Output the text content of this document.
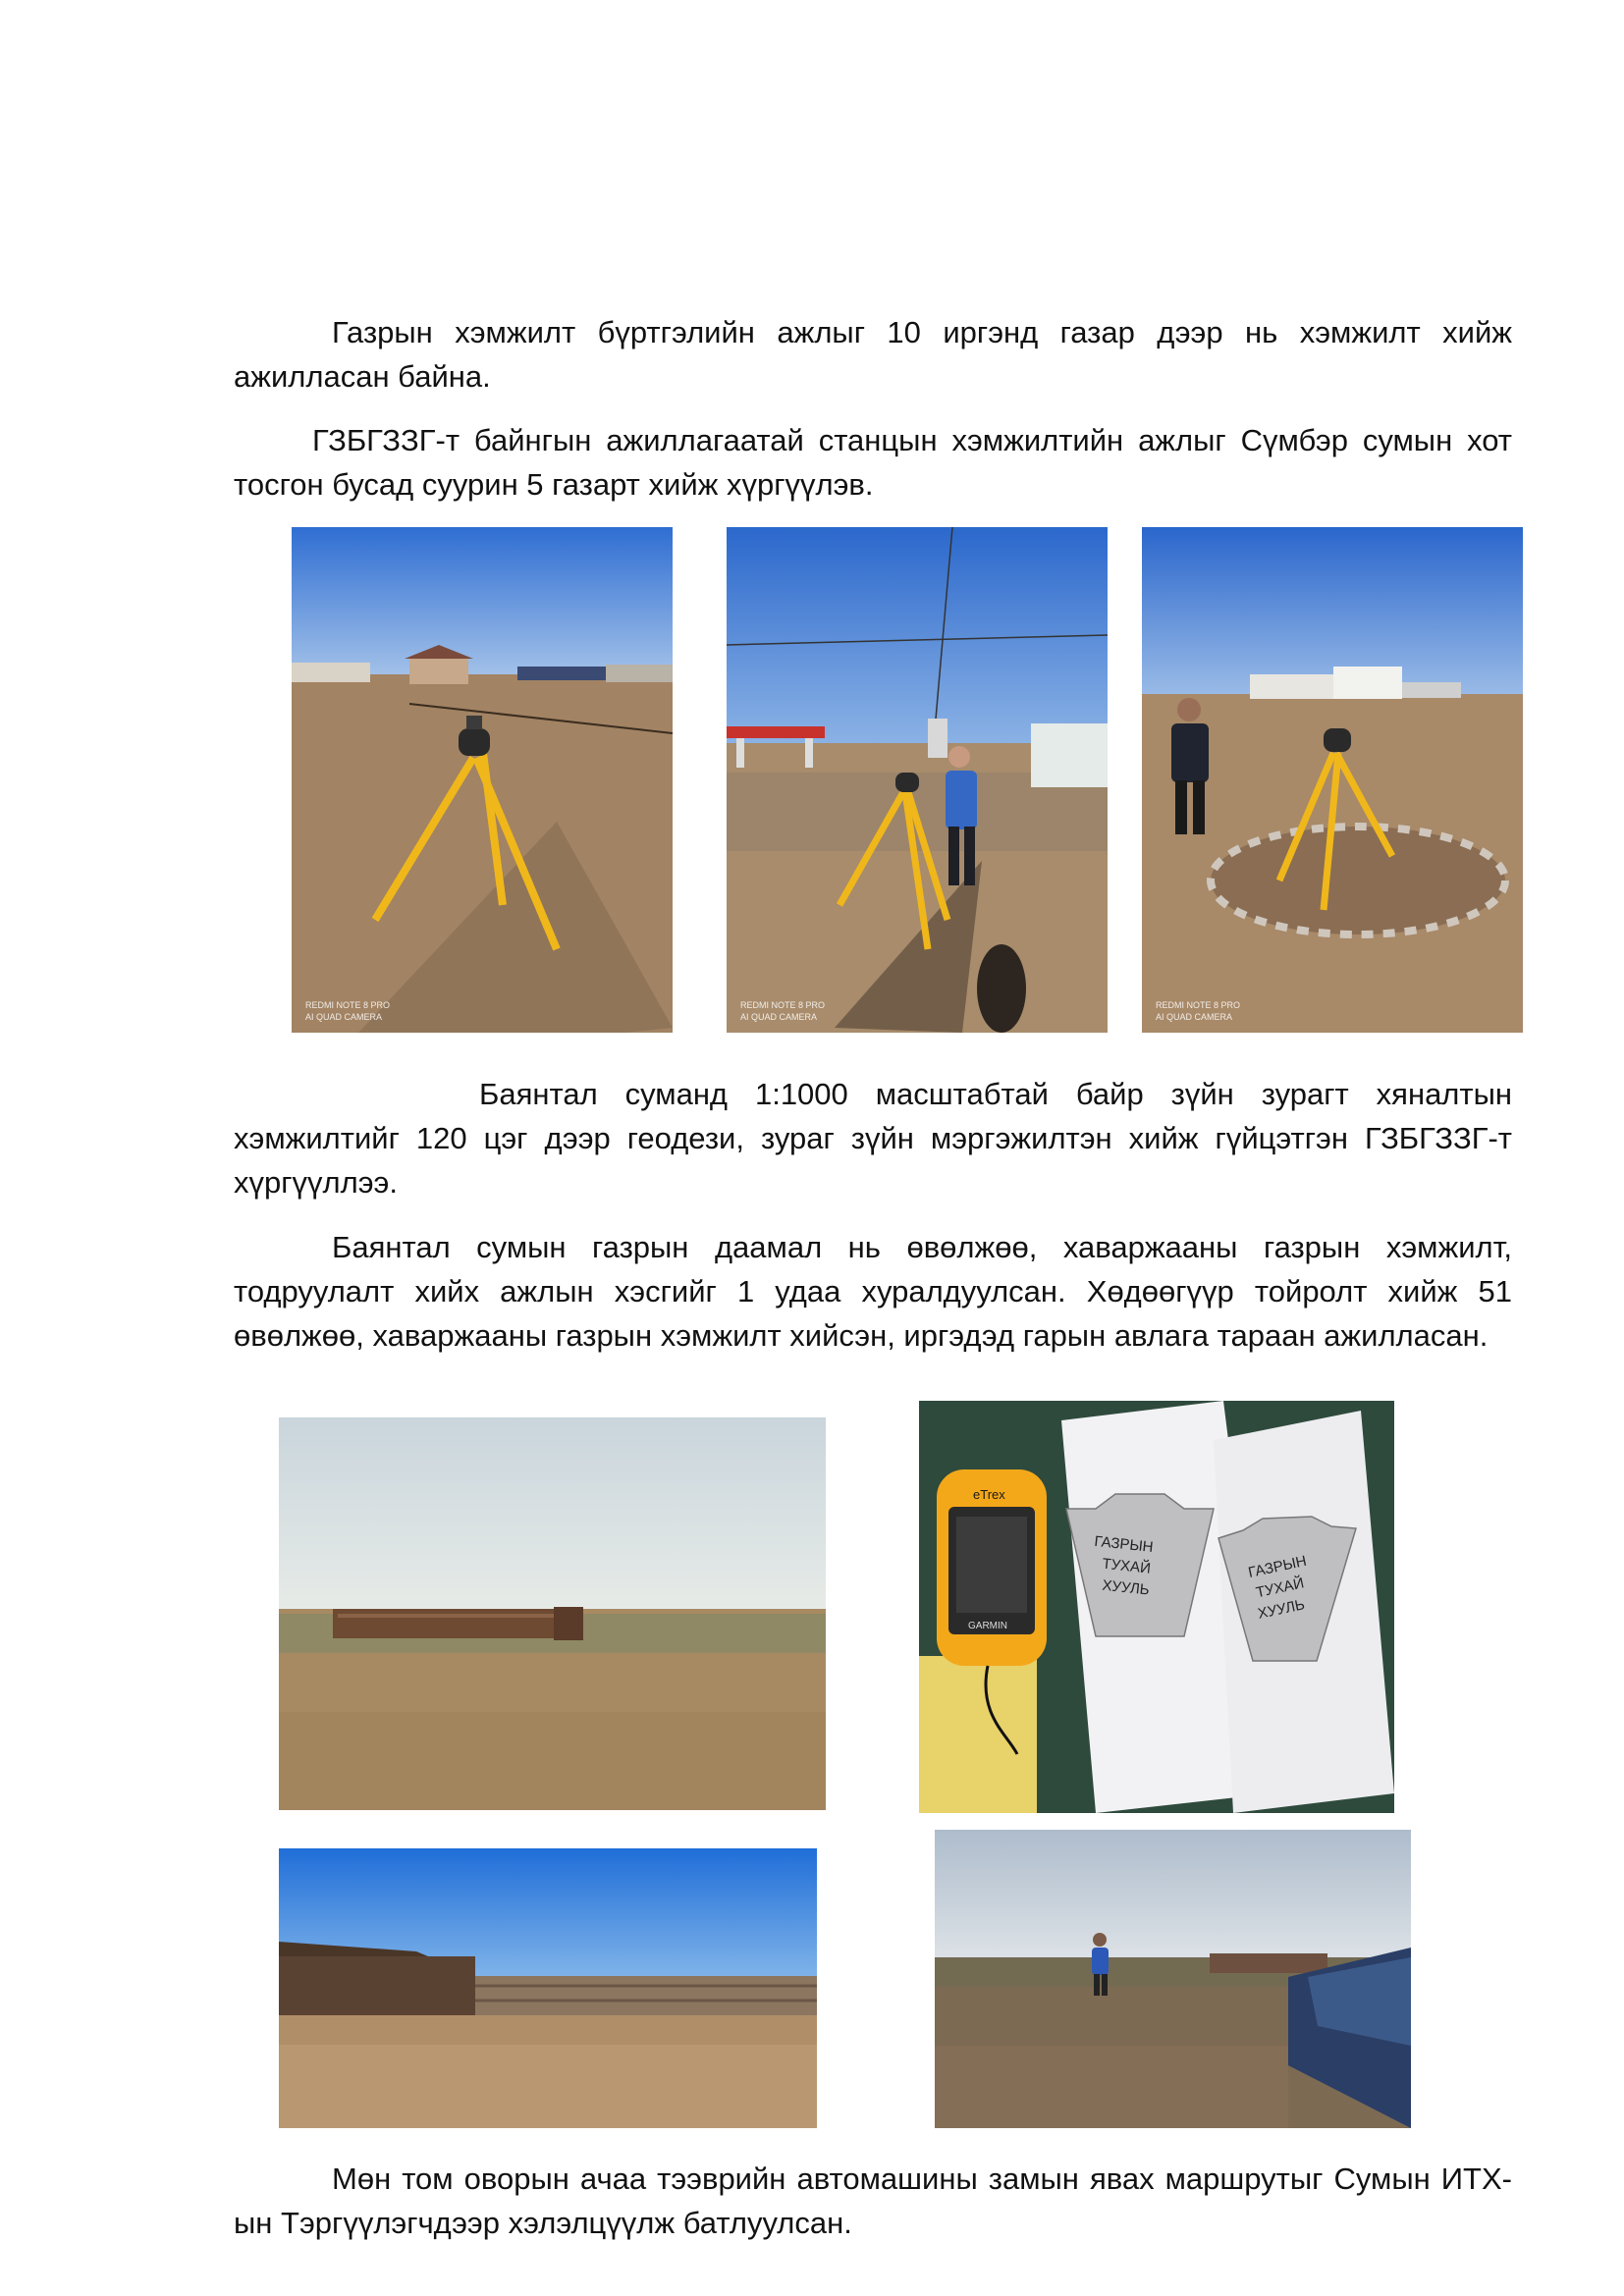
Газрын хэмжилт бүртгэлийн ажлыг 10 иргэнд газар дээр нь хэмжилт хийж ажилласан байна.

ГЗБГЗЗГ-т байнгын ажиллагаатай станцын хэмжилтийн ажлыг Сүмбэр сумын хот тосгон бусад суурин 5 газарт хийж хүргүүлэв.

Баянтал суманд 1:1000 масштабтай байр зүйн зурагт хяналтын хэмжилтийг 120 цэг дээр геодези, зураг зүйн мэргэжилтэн хийж гүйцэтгэн ГЗБГЗЗГ-т хүргүүллээ.

Баянтал сумын газрын даамал нь өвөлжөө, хаваржааны газрын хэмжилт, тодруулалт хийх ажлын хэсгийг 1 удаа хуралдуулсан. Хөдөөгүүр тойролт хийж 51 өвөлжөө, хаваржааны газрын хэмжилт хийсэн, иргэдэд гарын авлага тараан ажилласан.

Мөн том оворын ачаа тээврийн автомашины замын явах маршрутыг Сумын ИТХ-ын Тэргүүлэгчдээр хэлэлцүүлж батлуулсан.

REDMI NOTE 8 PRO
AI QUAD CAMERA
REDMI NOTE 8 PRO
AI QUAD CAMERA
REDMI NOTE 8 PRO
AI QUAD CAMERA
ГАЗРЫН
ТУХАЙ
ХУУЛЬ
ГАЗРЫН
ТУХАЙ
ХУУЛЬ
eTrex
GARMIN
